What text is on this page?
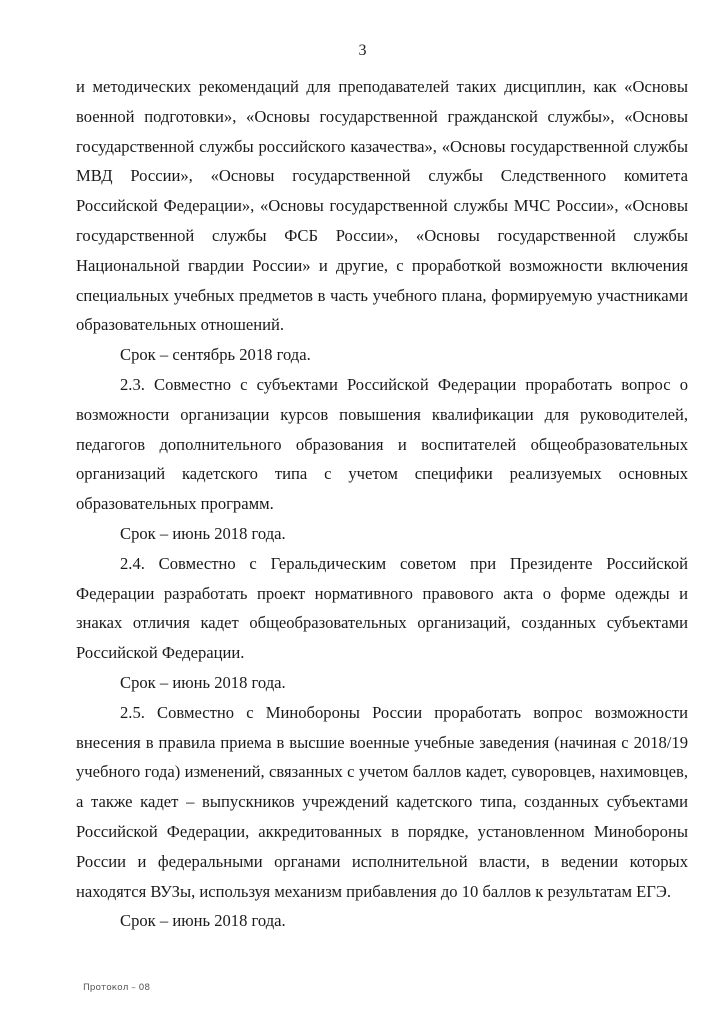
3

и методических рекомендаций для преподавателей таких дисциплин, как «Основы военной подготовки», «Основы государственной гражданской службы», «Основы государственной службы российского казачества», «Основы государственной службы МВД России», «Основы государственной службы Следственного комитета Российской Федерации», «Основы государственной службы МЧС России», «Основы государственной службы ФСБ России», «Основы государственной службы Национальной гвардии России» и другие, с проработкой возможности включения специальных учебных предметов в часть учебного плана, формируемую участниками образовательных отношений.

Срок – сентябрь 2018 года.

2.3. Совместно с субъектами Российской Федерации проработать вопрос о возможности организации курсов повышения квалификации для руководителей, педагогов дополнительного образования и воспитателей общеобразовательных организаций кадетского типа с учетом специфики реализуемых основных образовательных программ.

Срок – июнь 2018 года.

2.4. Совместно с Геральдическим советом при Президенте Российской Федерации разработать проект нормативного правового акта о форме одежды и знаках отличия кадет общеобразовательных организаций, созданных субъектами Российской Федерации.

Срок – июнь 2018 года.

2.5. Совместно с Минобороны России проработать вопрос возможности внесения в правила приема в высшие военные учебные заведения (начиная с 2018/19 учебного года) изменений, связанных с учетом баллов кадет, суворовцев, нахимовцев, а также кадет – выпускников учреждений кадетского типа, созданных субъектами Российской Федерации, аккредитованных в порядке, установленном Минобороны России и федеральными органами исполнительной власти, в ведении которых находятся ВУЗы, используя механизм прибавления до 10 баллов к результатам ЕГЭ.

Срок – июнь 2018 года.

Протокол – 08
